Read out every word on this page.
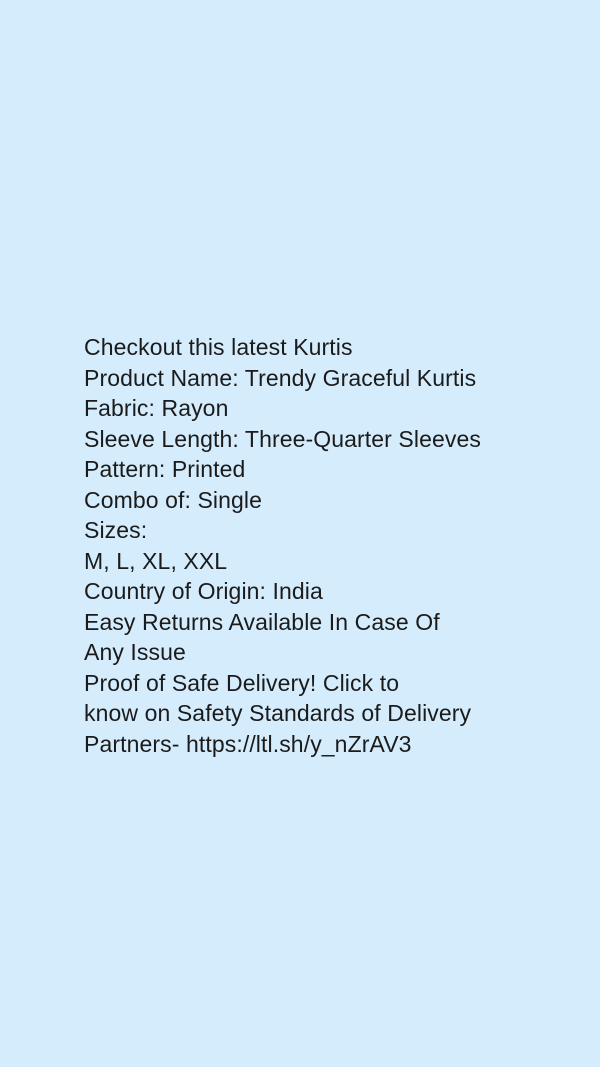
Checkout this latest Kurtis
Product Name: Trendy Graceful Kurtis
Fabric: Rayon
Sleeve Length: Three-Quarter Sleeves
Pattern: Printed
Combo of: Single
Sizes:
M, L, XL, XXL
Country of Origin: India
Easy Returns Available In Case Of
Any Issue
Proof of Safe Delivery! Click to
know on Safety Standards of Delivery
Partners- https://ltl.sh/y_nZrAV3
